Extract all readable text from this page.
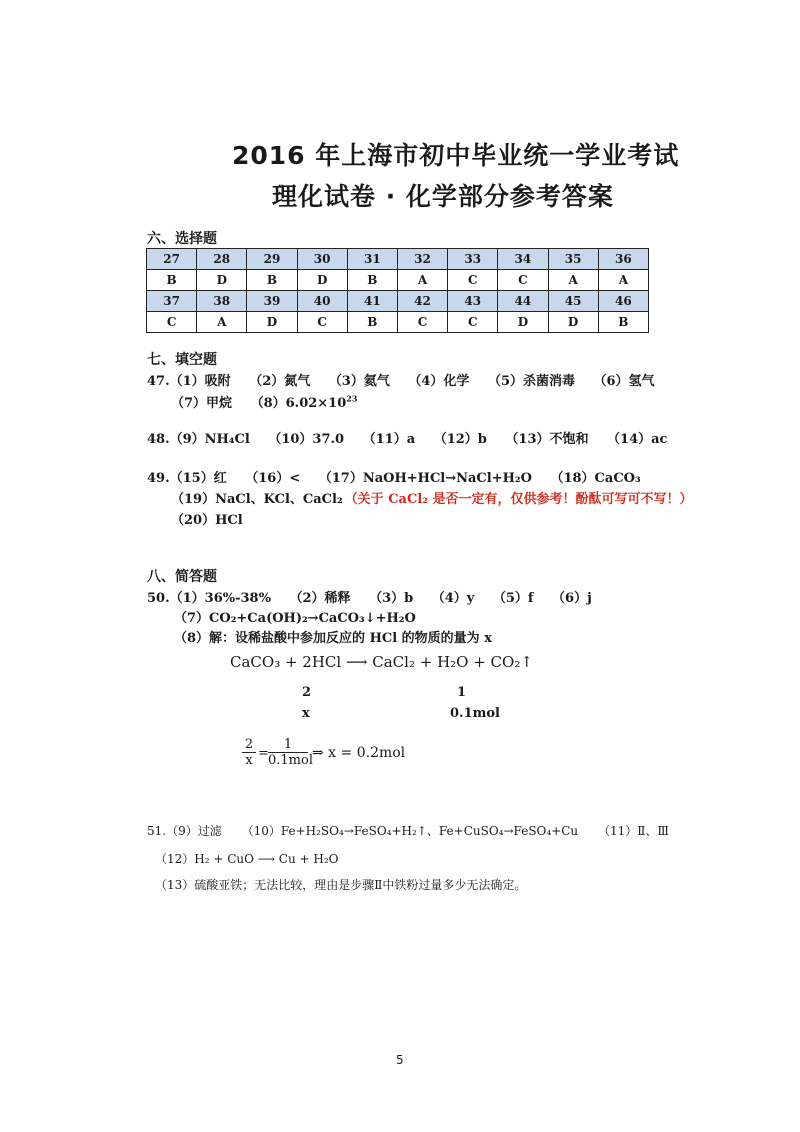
2016 年上海市初中毕业统一学业考试
理化试卷 · 化学部分参考答案
六、选择题
27	28	29	30	31	32	33	34	35	36
B	D	B	D	B	A	C	C	A	A
37	38	39	40	41	42	43	44	45	46
C	A	D	C	B	C	C	D	D	B
七、填空题
47.（1）吸附 （2）氮气 （3）氦气 （4）化学 （5）杀菌消毒 （6）氢气
（7）甲烷 $(8)6.02\times 10^{23}$
48.（9）NH₄Cl （10）37.0 （11）a （12）b （13）不饱和 （14）ac
49.（15）红 （16）< （17）NaOH+HCl→NaCl+H₂O （18）CaCO₃
（19）NaCl、KCl、CaCl₂ （关于 CaCl₂ 是否一定有，仅供参考！酚酞可写可不写！）
（20）HCl
八、简答题
50.（1）36%-38% （2）稀释 （3）b （4）y （5）f （6）j
（7）CO₂+Ca(OH)₂→CaCO₃↓+H₂O
（8）解：设稀盐酸中参加反应的 HCl 的物质的量为 x
CaCO₃ + 2HCl ⟶ CaCl₂ + H₂O + CO₂↑
2	1
x	0.1mol
$\frac{2}{x}$ =
1
0.1mol ⇒ x = 0.2mol
51.（9）过滤 （10）Fe+H₂SO₄→FeSO₄+H₂↑、Fe+CuSO₄→FeSO₄+Cu （11）Ⅱ、Ⅲ
（12）H₂ + CuO ⟶ Cu + H₂O
（13）硫酸亚铁；无法比较，理由是步骤Ⅱ中铁粉过量多少无法确定。
5
